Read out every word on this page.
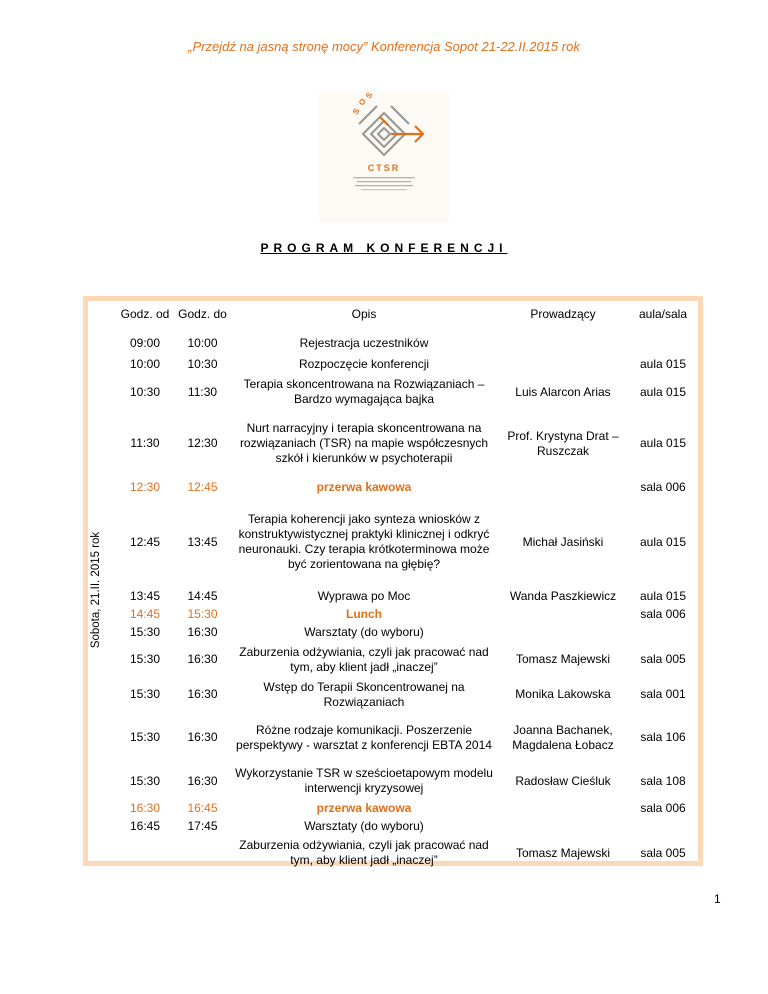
„Przejdź na jasną stronę mocy” Konferencja Sopot 21-22.II.2015 rok
S
O
S
CTSR
PROGRAM KONFERENCJI
Sobota, 21.II. 2015 rok
Godz. od	Godz. do	Opis	Prowadzący	aula/sala
09:00	10:00	Rejestracja uczestników		
10:00	10:30	Rozpoczęcie konferencji		aula 015
10:30	11:30	Terapia skoncentrowana na Rozwiązaniach – Bardzo wymagająca bajka	Luis Alarcon Arias	aula 015
11:30	12:30	Nurt narracyjny i terapia skoncentrowana na rozwiązaniach (TSR) na mapie współczesnych szkół i kierunków w psychoterapii	Prof. Krystyna Drat – Ruszczak	aula 015
12:30	12:45	przerwa kawowa		sala 006
12:45	13:45	Terapia koherencji jako synteza wniosków z konstruktywistycznej praktyki klinicznej i odkryć neuronauki. Czy terapia krótkoterminowa może być zorientowana na głębię?	Michał Jasiński	aula 015
13:45	14:45	Wyprawa po Moc	Wanda Paszkiewicz	aula 015
14:45	15:30	Lunch		sala 006
15:30	16:30	Warsztaty (do wyboru)		
15:30	16:30	Zaburzenia odżywiania, czyli jak pracować nad tym, aby klient jadł „inaczej”	Tomasz Majewski	sala 005
15:30	16:30	Wstęp do Terapii Skoncentrowanej na Rozwiązaniach	Monika Lakowska	sala 001
15:30	16:30	Różne rodzaje komunikacji. Poszerzenie perspektywy - warsztat z konferencji EBTA 2014	Joanna Bachanek, Magdalena Łobacz	sala 106
15:30	16:30	Wykorzystanie TSR w sześcioetapowym modelu interwencji kryzysowej	Radosław Cieśluk	sala 108
16:30	16:45	przerwa kawowa		sala 006
16:45	17:45	Warsztaty (do wyboru)		
		Zaburzenia odżywiania, czyli jak pracować nad tym, aby klient jadł „inaczej”	Tomasz Majewski	sala 005
1
